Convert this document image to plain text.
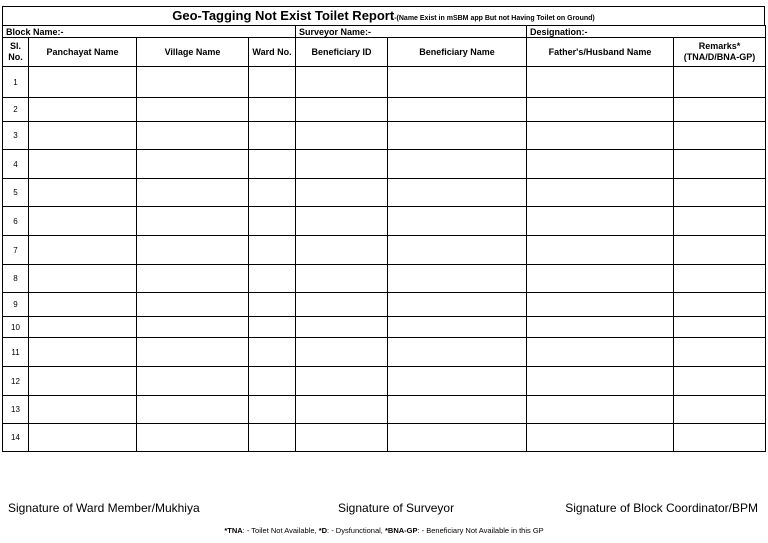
Geo-Tagging Not Exist Toilet Report-(Name Exist in mSBM app But not Having Toilet on Ground)
Block Name:-				Surveyor Name:-		Designation:-	
Sl. No.	Panchayat Name	Village Name	Ward No.	Beneficiary ID	Beneficiary Name	Father's/Husband Name	Remarks* (TNA/D/BNA-GP)
1							
2							
3							
4							
5							
6							
7							
8							
9							
10							
11							
12							
13							
14							
Signature of Ward Member/Mukhiya	Signature of Surveyor	Signature of Block Coordinator/BPM
*TNA: - Toilet Not Available, *D: - Dysfunctional, *BNA-GP: - Beneficiary Not Available in this GP
